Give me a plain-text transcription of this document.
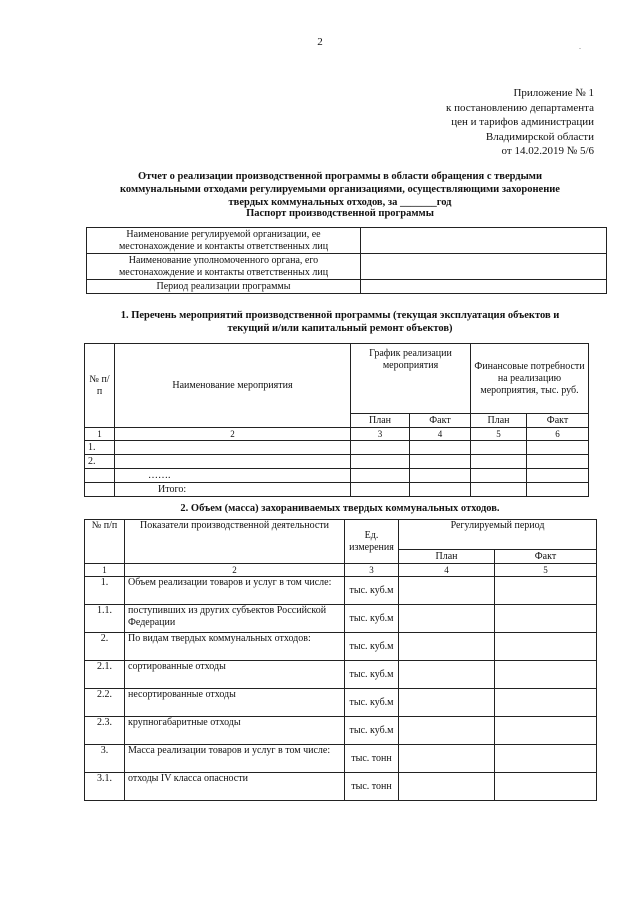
2	.
Приложение № 1
к постановлению департамента
цен и тарифов администрации
Владимирской области
от 14.02.2019 № 5/6
Отчет о реализации производственной программы в области обращения с твердыми
коммунальными отходами регулируемыми организациями, осуществляющими захоронение
твердых коммунальных отходов, за _______год
Паспорт производственной программы
Наименование регулируемой организации, ее местонахождение и контакты ответственных лиц	
Наименование уполномоченного органа, его местонахождение и контакты ответственных лиц	
Период реализации программы	
1. Перечень мероприятий производственной программы (текущая эксплуатация объектов и
текущий и/или капитальный ремонт объектов)
№ п/п	Наименование мероприятия	График реализации мероприятия		Финансовые потребности на реализацию мероприятия, тыс. руб.	
		План	Факт	План	Факт
1	2	3	4	5	6
1.					
2.					
	…….				
	Итого:				
2. Объем (масса) захораниваемых твердых коммунальных отходов.
№ п/п	Показатели производственной деятельности	Ед. измерения	Регулируемый период	
			План	Факт
1	2	3	4	5
1.	Объем реализации товаров и услуг в том числе:	тыс. куб.м		
1.1.	поступивших из других субъектов Российской Федерации	тыс. куб.м		
2.	По видам твердых коммунальных отходов:	тыс. куб.м		
2.1.	сортированные отходы	тыс. куб.м		
2.2.	несортированные отходы	тыс. куб.м		
2.3.	крупногабаритные отходы	тыс. куб.м		
3.	Масса реализации товаров и услуг в том числе:	тыс. тонн		
3.1.	отходы IV класса опасности	тыс. тонн		
